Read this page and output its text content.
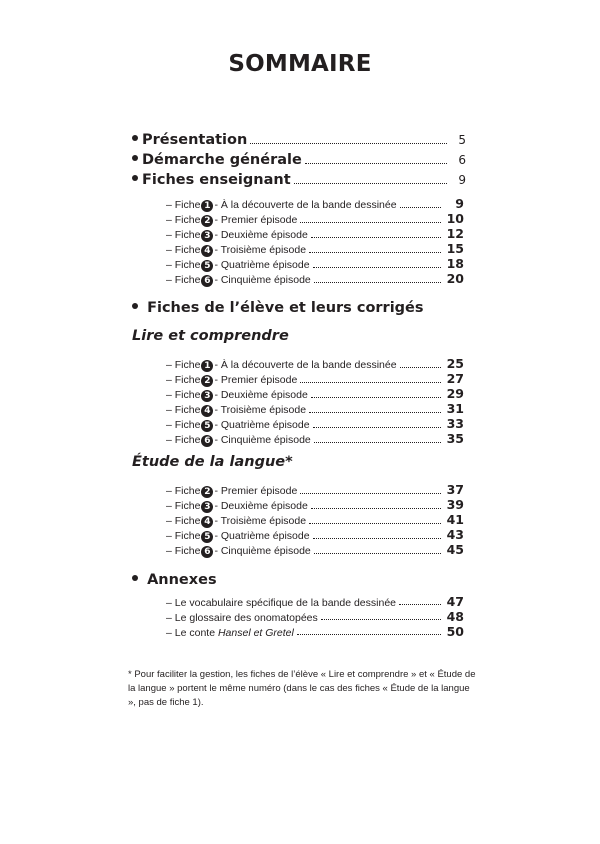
SOMMAIRE
Présentation	5
Démarche générale	6
Fiches enseignant	9
– Fiche 1 - À la découverte de la bande dessinée	9
– Fiche 2 - Premier épisode	10
– Fiche 3 - Deuxième épisode	12
– Fiche 4 - Troisième épisode	15
– Fiche 5 - Quatrième épisode	18
– Fiche 6 - Cinquième épisode	20
Fiches de l’élève et leurs corrigés
Lire et comprendre
– Fiche 1 - À la découverte de la bande dessinée	25
– Fiche 2 - Premier épisode	27
– Fiche 3 - Deuxième épisode	29
– Fiche 4 - Troisième épisode	31
– Fiche 5 - Quatrième épisode	33
– Fiche 6 - Cinquième épisode	35
Étude de la langue*
– Fiche 2 - Premier épisode	37
– Fiche 3 - Deuxième épisode	39
– Fiche 4 - Troisième épisode	41
– Fiche 5 - Quatrième épisode	43
– Fiche 6 - Cinquième épisode	45
Annexes
– Le vocabulaire spécifique de la bande dessinée	47
– Le glossaire des onomatopées	48
– Le conte Hansel et Gretel	50
* Pour faciliter la gestion, les fiches de l’élève « Lire et comprendre » et « Étude de la langue » portent le même numéro (dans le cas des fiches « Étude de la langue », pas de fiche 1).
